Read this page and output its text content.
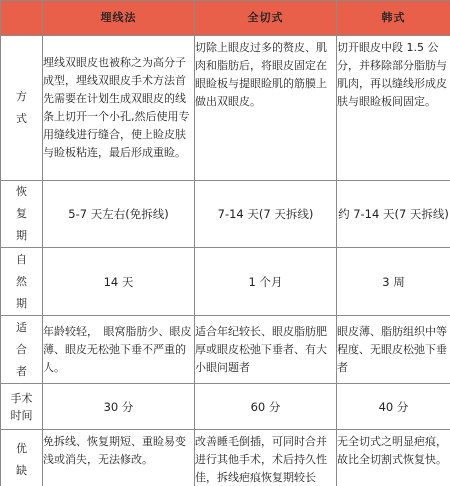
	埋线法	全切式	韩式
方式	埋线双眼皮也被称之为高分子成型，埋线双眼皮手术方法首先需要在计划生成双眼皮的线条上切开一个小孔,然后使用专用缝线进行缝合，使上睑皮肤与睑板粘连，最后形成重睑。	切除上眼皮过多的赘皮、肌肉和脂肪后，将眼皮固定在眼睑板与提眼睑肌的筋膜上做出双眼皮。	切开眼皮中段 1.5 公分，并移除部分脂肪与肌肉，再以缝线形成皮肤与眼睑板间固定。
恢复期	5-7 天左右(免拆线)	7-14 天(7 天拆线)	约 7-14 天(7 天拆线)
自然期	14 天	1 个月	3 周
适合者	年龄较轻，　眼窝脂肪少、眼皮薄、眼皮无松弛下垂不严重的人。	适合年纪较长、眼皮脂肪肥厚或眼皮松弛下垂者、有大小眼问题者	眼皮薄、脂肪组织中等程度、无眼皮松弛下垂者
手术时间	30 分	60 分	40 分
优缺	免拆线、恢复期短、重睑易变浅或消失，无法修改。	改善睡毛倒插，可同时合并进行其他手术，术后持久性佳，拆线疤痕恢复期较长	无全切式之明显疤痕，故比全切割式恢复快。
